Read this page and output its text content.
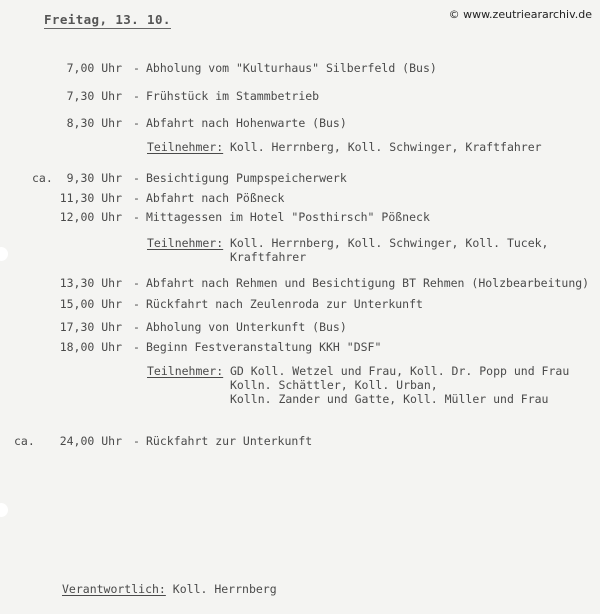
© www.zeutrieararchiv.de
Freitag, 13. 10.
7,00 Uhr - Abholung vom "Kulturhaus" Silberfeld (Bus)
7,30 Uhr - Frühstück im Stammbetrieb
8,30 Uhr - Abfahrt nach Hohenwarte (Bus)
Teilnehmer: Koll. Herrnberg, Koll. Schwinger, Kraftfahrer
ca.	9,30 Uhr - Besichtigung Pumpspeicherwerk
11,30 Uhr - Abfahrt nach Pößneck
12,00 Uhr - Mittagessen im Hotel "Posthirsch" Pößneck
Teilnehmer: Koll. Herrnberg, Koll. Schwinger, Koll. Tucek,
Kraftfahrer
13,30 Uhr - Abfahrt nach Rehmen und Besichtigung BT Rehmen (Holzbearbeitung)
15,00 Uhr - Rückfahrt nach Zeulenroda zur Unterkunft
17,30 Uhr - Abholung von Unterkunft (Bus)
18,00 Uhr - Beginn Festveranstaltung KKH "DSF"
Teilnehmer: GD Koll. Wetzel und Frau, Koll. Dr. Popp und Frau
Kolln. Schättler, Koll. Urban,
Kolln. Zander und Gatte, Koll. Müller und Frau
ca.	24,00 Uhr - Rückfahrt zur Unterkunft
Verantwortlich: Koll. Herrnberg
